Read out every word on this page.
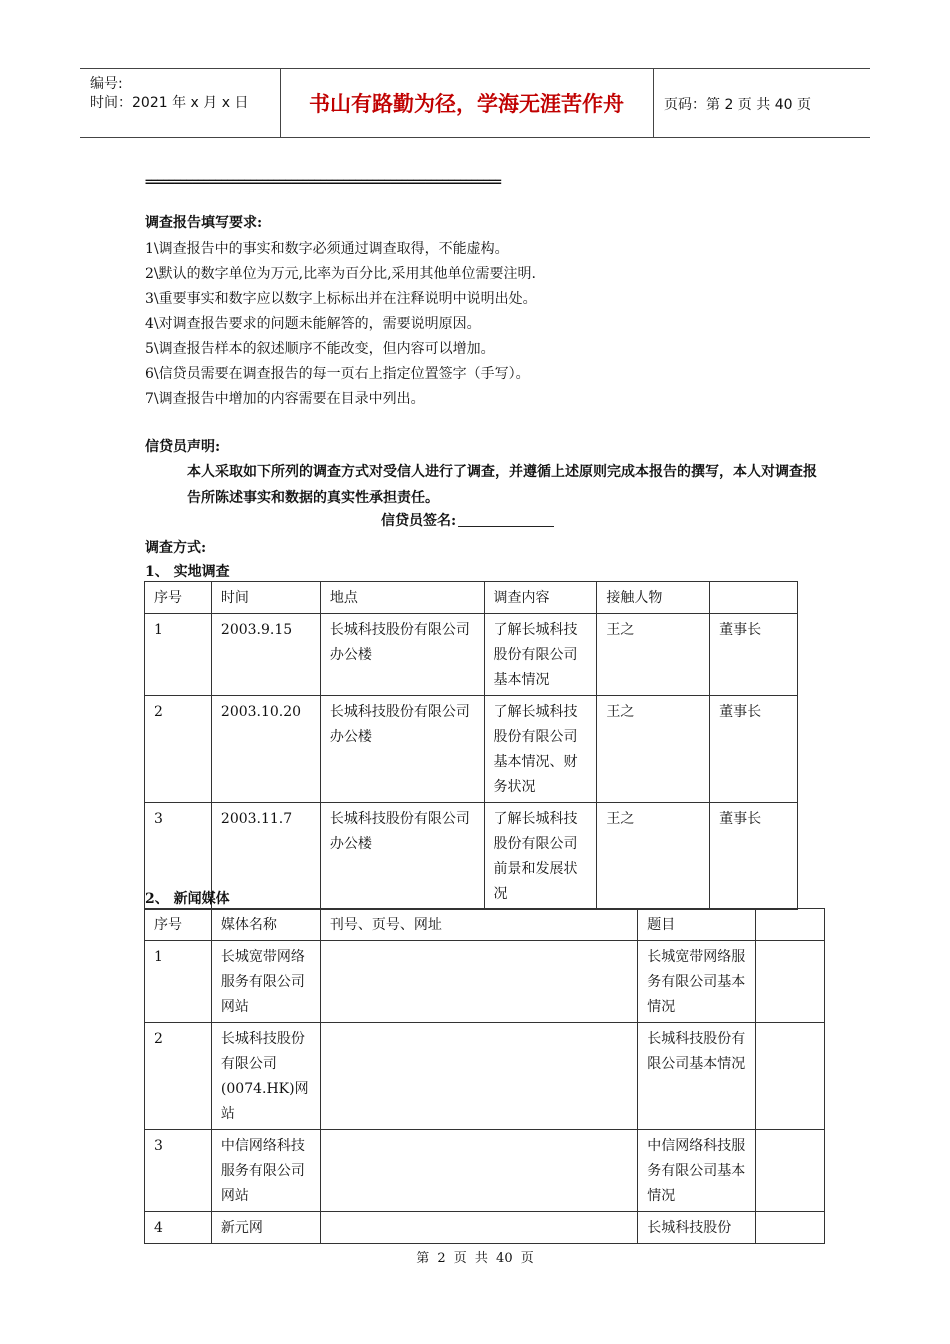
编号:
时间：2021 年 x 月 x 日	书山有路勤为径，学海无涯苦作舟	页码：第 2 页 共 40 页
=============================================================
调查报告填写要求:
1\调查报告中的事实和数字必须通过调查取得，不能虚构。
2\默认的数字单位为万元,比率为百分比,采用其他单位需要注明.
3\重要事实和数字应以数字上标标出并在注释说明中说明出处。
4\对调查报告要求的问题未能解答的，需要说明原因。
5\调查报告样本的叙述顺序不能改变，但内容可以增加。
6\信贷员需要在调查报告的每一页右上指定位置签字（手写）。
7\调查报告中增加的内容需要在目录中列出。
信贷员声明:
本人采取如下所列的调查方式对受信人进行了调查，并遵循上述原则完成本报告的撰写，本人对调查报告所陈述事实和数据的真实性承担责任。
信贷员签名:
调查方式:
1、 实地调查
序号	时间	地点	调查内容	接触人物	
1	2003.9.15	长城科技股份有限公司办公楼	了解长城科技股份有限公司基本情况	王之	董事长
2	2003.10.20	长城科技股份有限公司办公楼	了解长城科技股份有限公司基本情况、财务状况	王之	董事长
3	2003.11.7	长城科技股份有限公司办公楼	了解长城科技股份有限公司前景和发展状况	王之	董事长
2、 新闻媒体
序号	媒体名称	刊号、页号、网址	题目	
1	长城宽带网络服务有限公司网站		长城宽带网络服务有限公司基本情况	
2	长城科技股份有限公司(0074.HK)网站		长城科技股份有限公司基本情况	
3	中信网络科技服务有限公司网站		中信网络科技服务有限公司基本情况	
4	新元网		长城科技股份	
第 2 页 共 40 页
